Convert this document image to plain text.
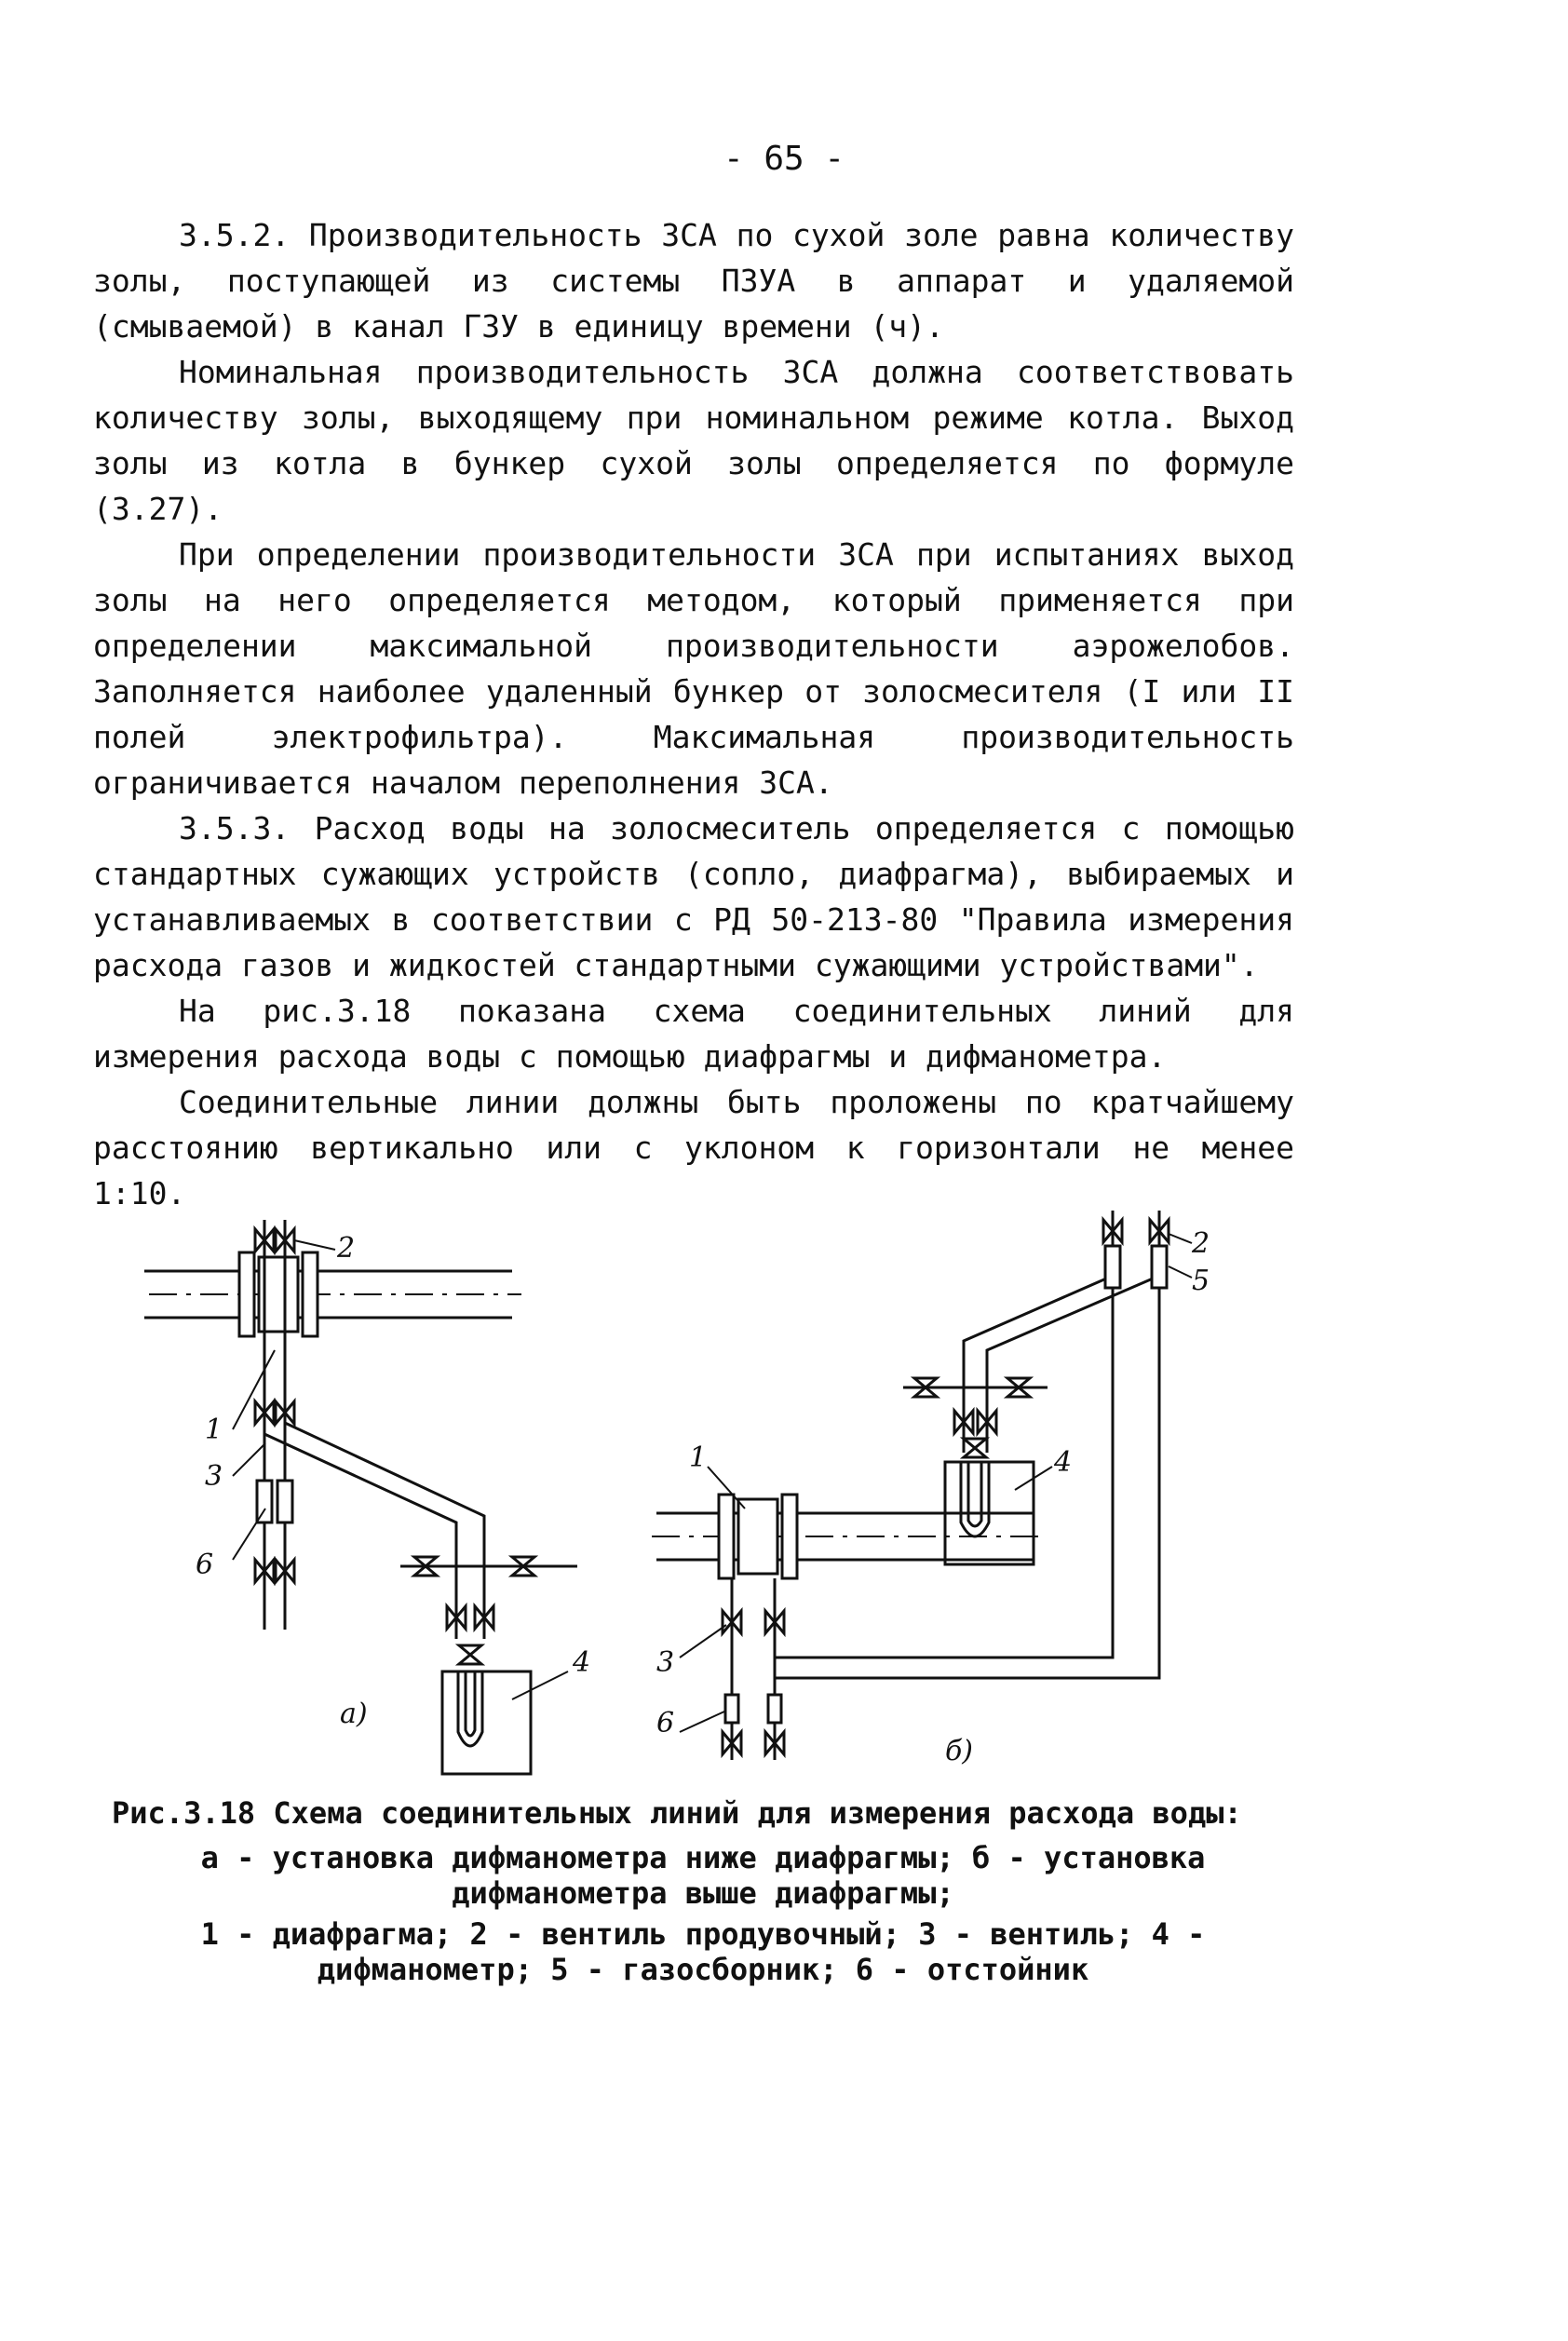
- 65 -

3.5.2. Производительность ЗСА по сухой золе равна количеству золы, поступающей из системы ПЗУА в аппарат и удаляемой (смываемой) в канал ГЗУ в единицу времени (ч).

Номинальная производительность ЗСА должна соответствовать количеству золы, выходящему при номинальном режиме котла. Выход золы из котла в бункер сухой золы определяется по формуле (3.27).

При определении производительности ЗСА при испытаниях выход золы на него определяется методом, который применяется при определении максимальной производительности аэрожелобов. Заполняется наиболее удаленный бункер от золосмесителя (I или II полей электрофильтра). Максимальная производительность ограничивается началом переполнения ЗСА.

3.5.3. Расход воды на золосмеситель определяется с помощью стандартных сужающих устройств (сопло, диафрагма), выбираемых и устанавливаемых в соответствии с РД 50-213-80 "Правила измерения расхода газов и жидкостей стандартными сужающими устройствами".

На рис.3.18 показана схема соединительных линий для измерения расхода воды с помощью диафрагмы и дифманометра.

Соединительные линии должны быть проложены по кратчайшему расстоянию вертикально или с уклоном к горизонтали не менее 1:10.

2
1
3
6
4
а)
2
5
1	4
3
6
б)
Рис.3.18 Схема соединительных линий для измерения расхода воды:
а - установка дифманометра ниже диафрагмы; б - установка дифманометра выше диафрагмы;
1 - диафрагма; 2 - вентиль продувочный; 3 - вентиль; 4 - дифманометр; 5 - газосборник; 6 - отстойник
